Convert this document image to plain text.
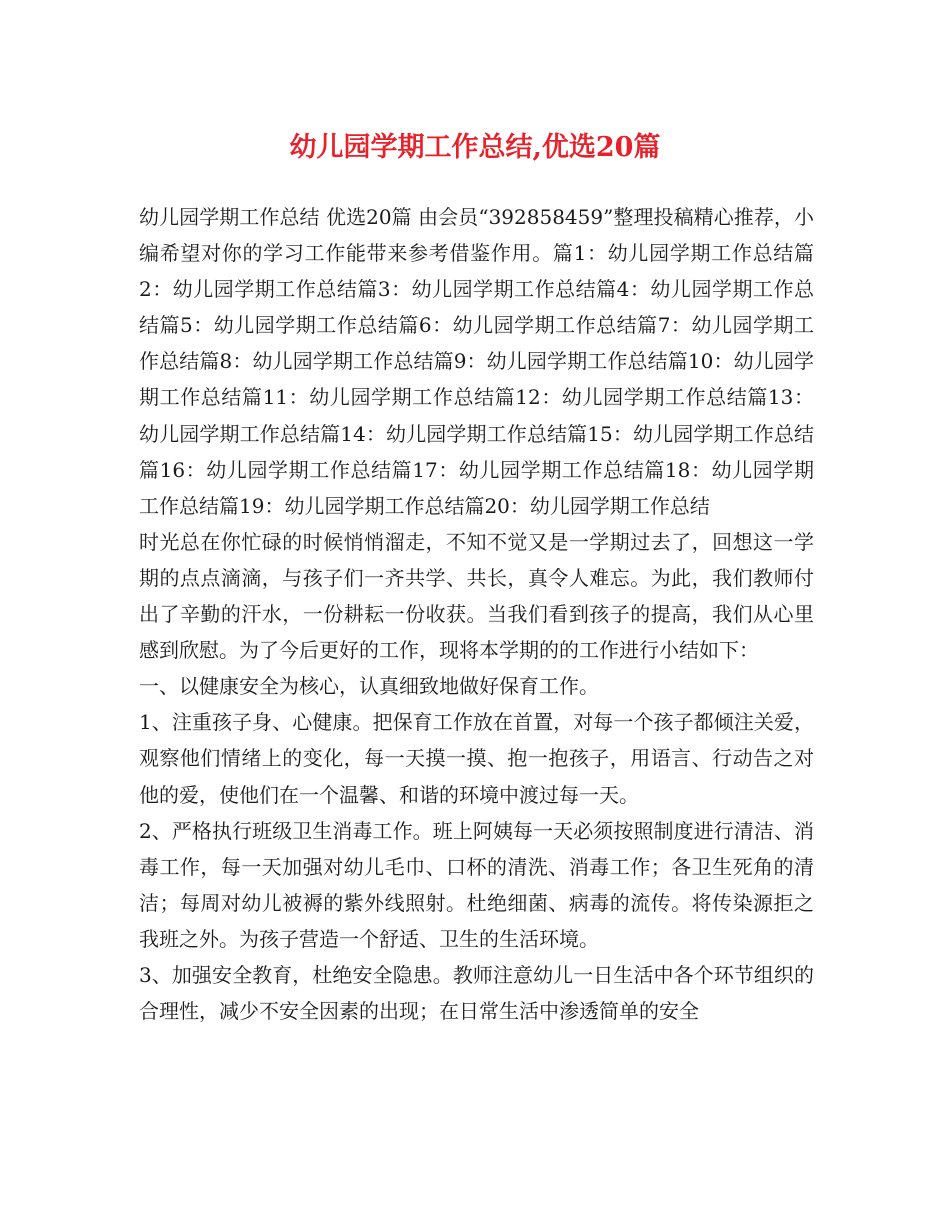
幼儿园学期工作总结,优选20篇

幼儿园学期工作总结 优选20篇 由会员“392858459”整理投稿精心推荐，小编希望对你的学习工作能带来参考借鉴作用。篇1：幼儿园学期工作总结篇2：幼儿园学期工作总结篇3：幼儿园学期工作总结篇4：幼儿园学期工作总结篇5：幼儿园学期工作总结篇6：幼儿园学期工作总结篇7：幼儿园学期工作总结篇8：幼儿园学期工作总结篇9：幼儿园学期工作总结篇10：幼儿园学期工作总结篇11：幼儿园学期工作总结篇12：幼儿园学期工作总结篇13：幼儿园学期工作总结篇14：幼儿园学期工作总结篇15：幼儿园学期工作总结篇16：幼儿园学期工作总结篇17：幼儿园学期工作总结篇18：幼儿园学期工作总结篇19：幼儿园学期工作总结篇20：幼儿园学期工作总结

时光总在你忙碌的时候悄悄溜走，不知不觉又是一学期过去了，回想这一学期的点点滴滴，与孩子们一齐共学、共长，真令人难忘。为此，我们教师付出了辛勤的汗水，一份耕耘一份收获。当我们看到孩子的提高，我们从心里感到欣慰。为了今后更好的工作，现将本学期的的工作进行小结如下：

一、以健康安全为核心，认真细致地做好保育工作。

1、注重孩子身、心健康。把保育工作放在首置，对每一个孩子都倾注关爱，观察他们情绪上的变化，每一天摸一摸、抱一抱孩子，用语言、行动告之对他的爱，使他们在一个温馨、和谐的环境中渡过每一天。

2、严格执行班级卫生消毒工作。班上阿姨每一天必须按照制度进行清洁、消毒工作，每一天加强对幼儿毛巾、口杯的清洗、消毒工作；各卫生死角的清洁；每周对幼儿被褥的紫外线照射。杜绝细菌、病毒的流传。将传染源拒之我班之外。为孩子营造一个舒适、卫生的生活环境。

3、加强安全教育，杜绝安全隐患。教师注意幼儿一日生活中各个环节组织的合理性，减少不安全因素的出现；在日常生活中渗透简单的安全
